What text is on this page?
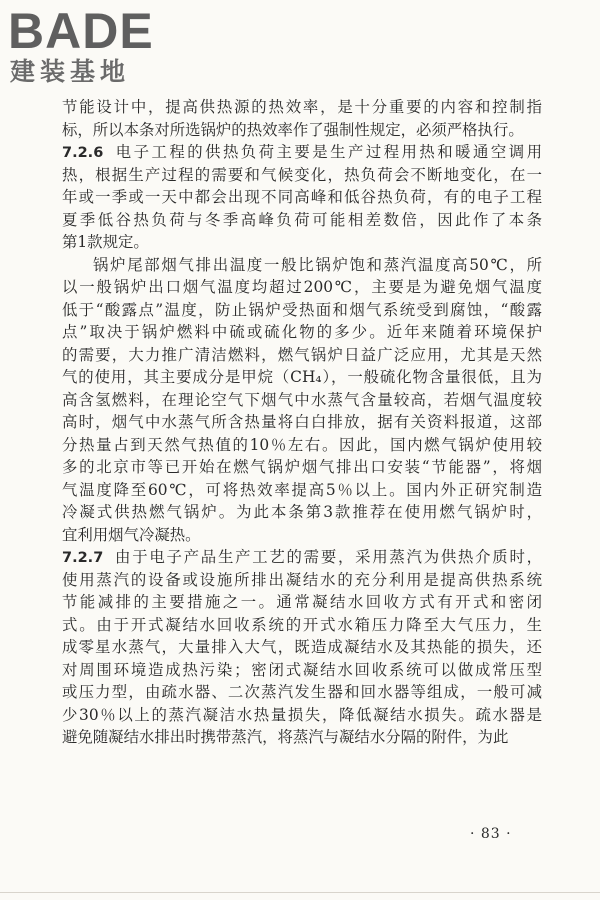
BADE
建装基地
节能设计中，提高供热源的热效率，是十分重要的内容和控制指
标，所以本条对所选锅炉的热效率作了强制性规定，必须严格执行。
7.2.6 电子工程的供热负荷主要是生产过程用热和暖通空调用
热，根据生产过程的需要和气候变化，热负荷会不断地变化，在一
年或一季或一天中都会出现不同高峰和低谷热负荷，有的电子工程
夏季低谷热负荷与冬季高峰负荷可能相差数倍，因此作了本条
第1款规定。
锅炉尾部烟气排出温度一般比锅炉饱和蒸汽温度高50℃，所
以一般锅炉出口烟气温度均超过200℃，主要是为避免烟气温度
低于“酸露点”温度，防止锅炉受热面和烟气系统受到腐蚀，“酸露
点”取决于锅炉燃料中硫或硫化物的多少。近年来随着环境保护
的需要，大力推广清洁燃料，燃气锅炉日益广泛应用，尤其是天然
气的使用，其主要成分是甲烷（CH₄），一般硫化物含量很低，且为
高含氢燃料，在理论空气下烟气中水蒸气含量较高，若烟气温度较
高时，烟气中水蒸气所含热量将白白排放，据有关资料报道，这部
分热量占到天然气热值的10％左右。因此，国内燃气锅炉使用较
多的北京市等已开始在燃气锅炉烟气排出口安装“节能器”，将烟
气温度降至60℃，可将热效率提高5％以上。国内外正研究制造
冷凝式供热燃气锅炉。为此本条第3款推荐在使用燃气锅炉时，
宜利用烟气冷凝热。
7.2.7 由于电子产品生产工艺的需要，采用蒸汽为供热介质时，
使用蒸汽的设备或设施所排出凝结水的充分利用是提高供热系统
节能减排的主要措施之一。通常凝结水回收方式有开式和密闭
式。由于开式凝结水回收系统的开式水箱压力降至大气压力，生
成零星水蒸气，大量排入大气，既造成凝结水及其热能的损失，还
对周围环境造成热污染；密闭式凝结水回收系统可以做成常压型
或压力型，由疏水器、二次蒸汽发生器和回水器等组成，一般可减
少30％以上的蒸汽凝洁水热量损失，降低凝结水损失。疏水器是
避免随凝结水排出时携带蒸汽，将蒸汽与凝结水分隔的附件，为此
· 83 ·
